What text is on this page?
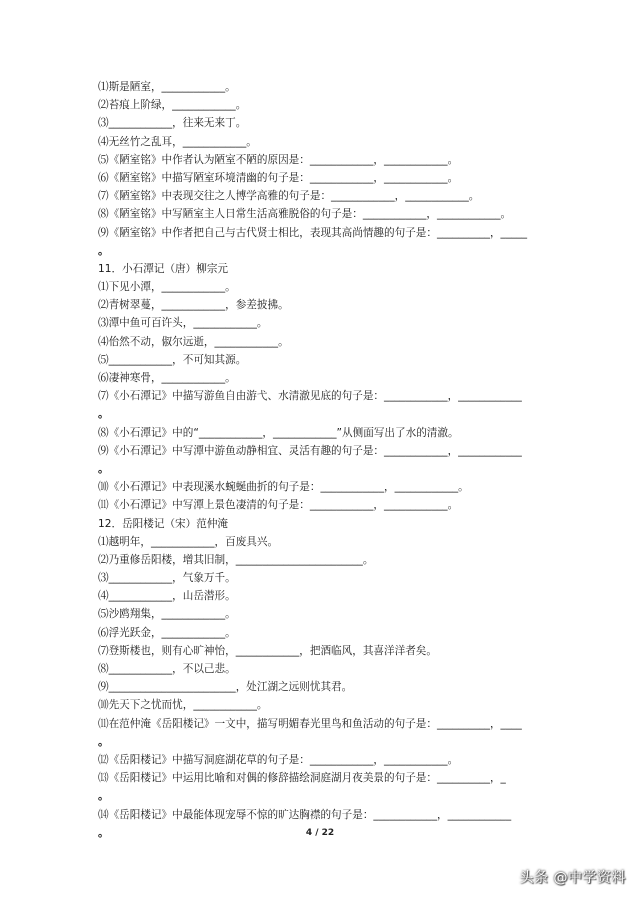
⑴斯是陋室，____________。
⑵苔痕上阶绿，____________。
⑶____________，往来无来丁。
⑷无丝竹之乱耳，____________。
⑸《陋室铭》中作者认为陋室不陋的原因是：____________，____________。
⑹《陋室铭》中描写陋室环境清幽的句子是：____________，____________。
⑺《陋室铭》中表现交往之人博学高雅的句子是：____________，____________。
⑻《陋室铭》中写陋室主人日常生活高雅脱俗的句子是：____________，____________。
⑼《陋室铭》中作者把自己与古代贤士相比，表现其高尚情趣的句子是：__________，_____
。
11．小石潭记（唐）柳宗元
⑴下见小潭，____________。
⑵青树翠蔓，____________，参差披拂。
⑶潭中鱼可百许头，____________。
⑷佁然不动，俶尔远逝，____________。
⑸____________，不可知其源。
⑹凄神寒骨，____________。
⑺《小石潭记》中描写游鱼自由游弋、水清澈见底的句子是：____________，____________
。
⑻《小石潭记》中的“____________，____________”从侧面写出了水的清澈。
⑼《小石潭记》中写潭中游鱼动静相宜、灵活有趣的句子是：____________，____________
。
⑽《小石潭记》中表现溪水蜿蜒曲折的句子是：____________，____________。
⑾《小石潭记》中写潭上景色凄清的句子是：____________，____________。
12．岳阳楼记（宋）范仲淹
⑴越明年，____________，百废具兴。
⑵乃重修岳阳楼，增其旧制，________________________。
⑶____________，气象万千。
⑷____________，山岳潜形。
⑸沙鸥翔集，____________。
⑹浮光跃金，____________。
⑺登斯楼也，则有心旷神怡，____________，把酒临风，其喜洋洋者矣。
⑻____________，不以己悲。
⑼________________________，处江湖之远则忧其君。
⑽先天下之忧而忧，____________。
⑾在范仲淹《岳阳楼记》一文中，描写明媚春光里鸟和鱼活动的句子是：__________，____
。
⑿《岳阳楼记》中描写洞庭湖花草的句子是：____________，____________。
⒀《岳阳楼记》中运用比喻和对偶的修辞描绘洞庭湖月夜美景的句子是：__________，_
。
⒁《岳阳楼记》中最能体现宠辱不惊的旷达胸襟的句子是：____________，____________
。	4 / 22
头条 @中学资料
